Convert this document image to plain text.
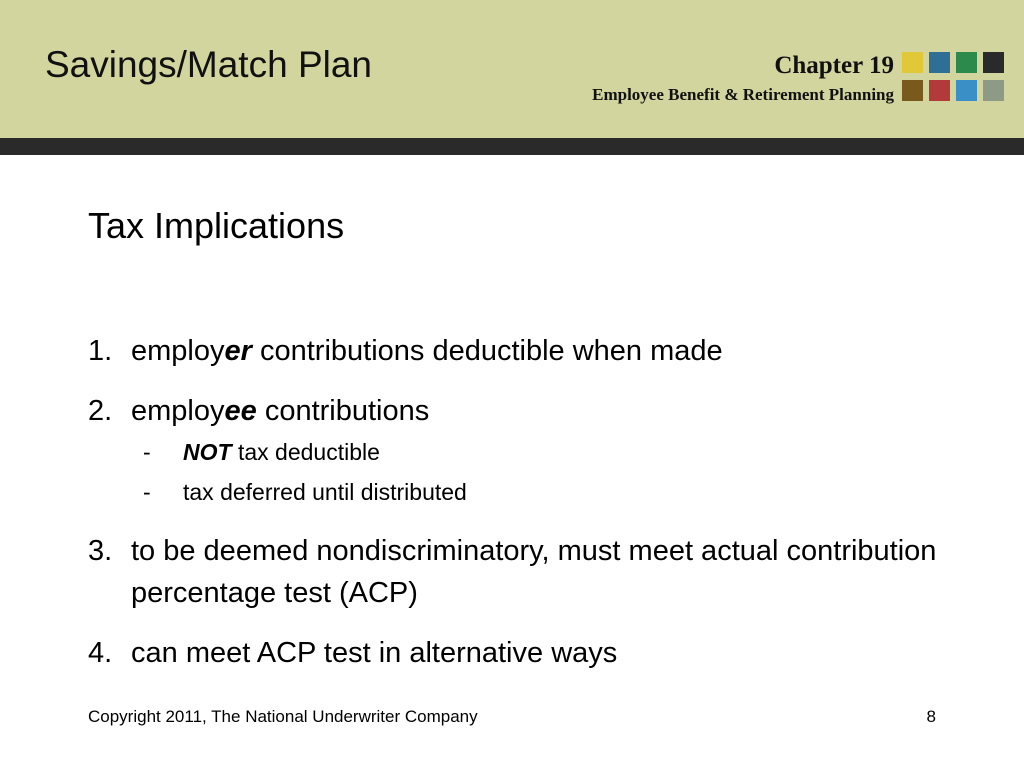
Savings/Match Plan	Chapter 19
Employee Benefit & Retirement Planning
Tax Implications
1. employer contributions deductible when made
2. employee contributions
- NOT tax deductible
- tax deferred until distributed
3. to be deemed nondiscriminatory, must meet actual contribution percentage test (ACP)
4. can meet ACP test in alternative ways
Copyright 2011, The National Underwriter Company	8
